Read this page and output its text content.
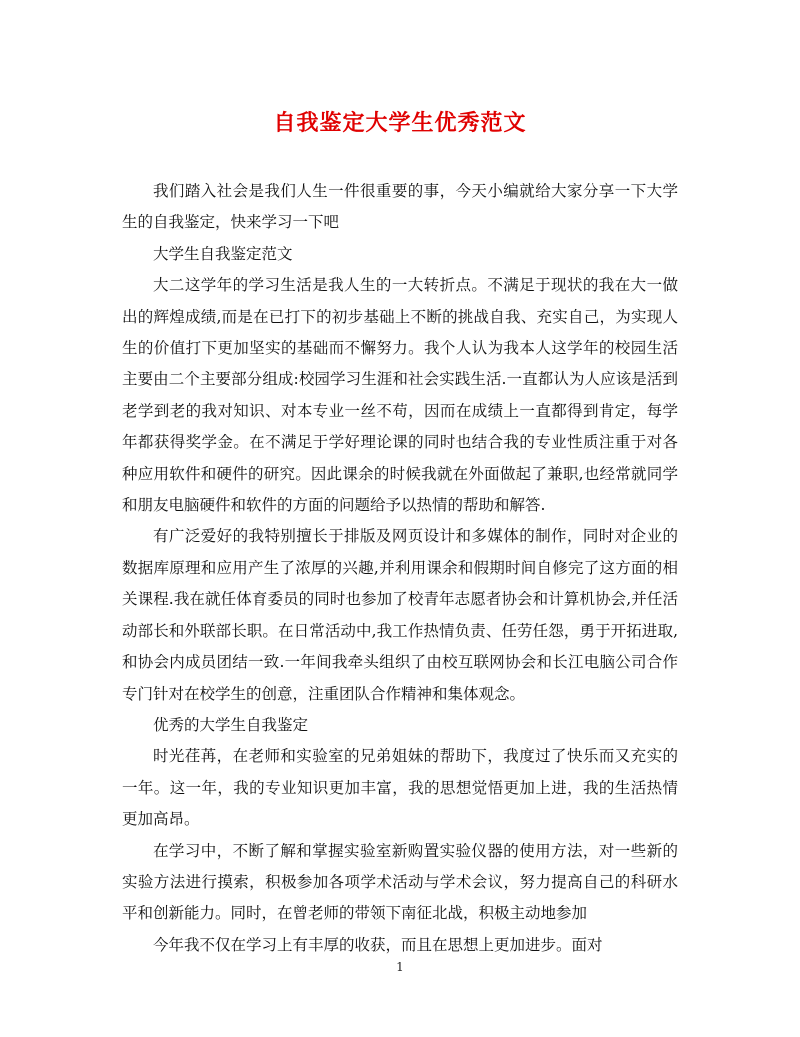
自我鉴定大学生优秀范文

我们踏入社会是我们人生一件很重要的事，今天小编就给大家分享一下大学生的自我鉴定，快来学习一下吧

大学生自我鉴定范文

大二这学年的学习生活是我人生的一大转折点。不满足于现状的我在大一做出的辉煌成绩,而是在已打下的初步基础上不断的挑战自我、充实自己，为实现人生的价值打下更加坚实的基础而不懈努力。我个人认为我本人这学年的校园生活主要由二个主要部分组成:校园学习生涯和社会实践生活.一直都认为人应该是活到老学到老的我对知识、对本专业一丝不苟，因而在成绩上一直都得到肯定，每学年都获得奖学金。在不满足于学好理论课的同时也结合我的专业性质注重于对各种应用软件和硬件的研究。因此课余的时候我就在外面做起了兼职,也经常就同学和朋友电脑硬件和软件的方面的问题给予以热情的帮助和解答.

有广泛爱好的我特别擅长于排版及网页设计和多媒体的制作，同时对企业的数据库原理和应用产生了浓厚的兴趣,并利用课余和假期时间自修完了这方面的相关课程.我在就任体育委员的同时也参加了校青年志愿者协会和计算机协会,并任活动部长和外联部长职。在日常活动中,我工作热情负责、任劳任怨，勇于开拓进取,和协会内成员团结一致.一年间我牵头组织了由校互联网协会和长江电脑公司合作专门针对在校学生的创意，注重团队合作精神和集体观念。

优秀的大学生自我鉴定

时光荏苒，在老师和实验室的兄弟姐妹的帮助下，我度过了快乐而又充实的一年。这一年，我的专业知识更加丰富，我的思想觉悟更加上进，我的生活热情更加高昂。

在学习中，不断了解和掌握实验室新购置实验仪器的使用方法，对一些新的实验方法进行摸索，积极参加各项学术活动与学术会议，努力提高自己的科研水平和创新能力。同时，在曾老师的带领下南征北战，积极主动地参加

今年我不仅在学习上有丰厚的收获，而且在思想上更加进步。面对

1
